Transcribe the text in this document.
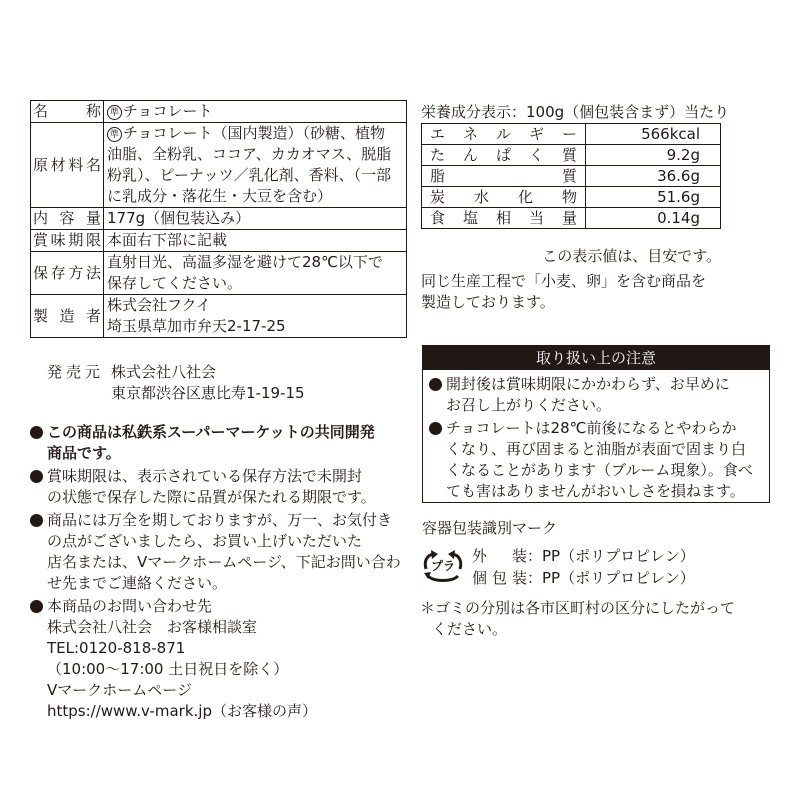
名　　称	準 チョコレート

原材料名	準 チョコレート（国内製造）（砂糖、植物
油脂、全粉乳、ココア、カカオマス、脱脂
粉乳）、ピーナッツ／乳化剤、香料、（一部
に乳成分・落花生・大豆を含む）

内 容 量	177g（個包装込み）

賞味期限	本面右下部に記載

保存方法	直射日光、高温多湿を避けて28℃以下で
保存してください。

製 造 者	株式会社フクイ
埼玉県草加市弁天2-17-25
発売元 株式会社八社会
東京都渋谷区恵比寿1-19-15
この商品は私鉄系スーパーマーケットの共同開発
商品です。
賞味期限は、表示されている保存方法で未開封
の状態で保存した際に品質が保たれる期限です。
商品には万全を期しておりますが、万一、お気付き
の点がございましたら、お買い上げいただいた
店名または、Vマークホームページ、下記お問い合わ
せ先までご連絡ください。
本商品のお問い合わせ先
株式会社八社会　お客様相談室
TEL:0120-818-871
（10:00～17:00 土日祝日を除く）
Vマークホームページ
https://www.v-mark.jp（お客様の声）
栄養成分表示：100g（個包装含まず）当たり
エネルギー	566kcal
たんぱく質	9.2g
脂質	36.6g
炭水化物	51.6g
食塩相当量	0.14g
この表示値は、目安です。
同じ生産工程で「小麦、卵」を含む商品を
製造しております。
取り扱い上の注意
開封後は賞味期限にかかわらず、お早めに
お召し上がりください。
チョコレートは28℃前後になるとやわらか
くなり、再び固まると油脂が表面で固まり白
くなることがあります（ブルーム現象）。食べ
ても害はありませんがおいしさを損ねます。
容器包装識別マーク
プラ
外装：PP（ポリプロピレン）
個包装：PP（ポリプロピレン）
＊ゴミの分別は各市区町村の区分にしたがって
ください。
